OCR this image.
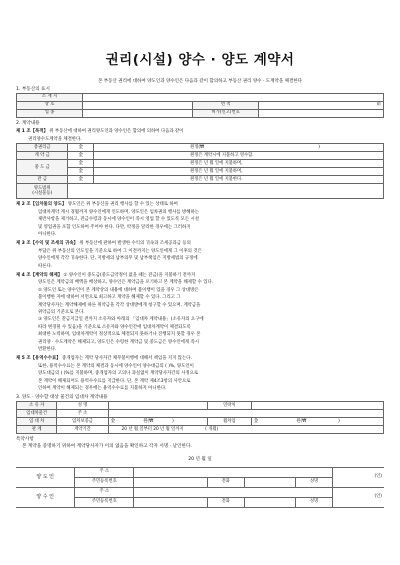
권리(시설) 양수 · 양도 계약서
본 부동산 권리에 대하여 양도인과 양수인은 다음과 같이 합의하고 부동산 권리 양수 · 도계약을 체결한다
1. 부동산의 표시
소 재 지			
상 호		면 적	㎡
업 종		허가(신고)번호	
2. 계약내용
제 1 조【목적】 위 부동산에 대하여 권리양도인과 양수인은 합의에 의하여 다음과 같이
권리양수도계약을 체결한다.
총권리금	金	원정(₩ )
계 약 금	金	원정은 계약시에 지불하고 영수함.
중 도 금	金	원정은 년 월 일에 지불하며,
	金	원정은 년 월 일에 지불하며,
잔 금	金	원정은 년 월 일에 지불한다.
양도범위
(시설물등)		
제 2 조【임차물의 양도】 양도인은 위 부동산을 권리 행사를 할 수 있는 상태로 하여
임대차계약 계시 경월까지 양수인에게 인도하며, 양도인은 임차권의 행사를 방해하는
제반사항을 제거하고, 잔금수령과 동시에 양수인이 즉시 영업 할 수 있도록 모든 시설
및 영업권을 포함 인도하여 주어야 한다. 다만, 약정을 달리한 경우에는 그러하지
아니한다.
제 3 조【수익 및 조세의 귀속】 위 부동산에 관하여 발생한 수익의 귀속과 조세공과금 등의
부담은 위 부동산의 인도일을 기준으로 하여 그 이전까지는 양도인에게 그 이후의 것은
양수인에게 각각 귀속한다. 단, 지방세의 납부의무 및 납부책임은 지방세법의 규정에
따른다.
제 4 조【계약의 해제】 ① 양수인이 중도금(중도금약정이 없을 때는 잔금)을 지불하기 전까지
양도인은 계약금의 배액을 배상하고, 양수인은 계약금을 포기하고 본 계약을 해제할 수 있다.
② 양도인 또는 양수인이 본 계약상의 내용에 대하여 불이행이 있을 경우 그 상대방은
불이행한 자에 대하여 서면으로 최고하고 계약을 해제할 수 있다. 그리고 그
계약당사자는 계약해제에 따른 위약금을 각각 상대방에게 청구할 수 있으며, 계약금을
위약금의 기준으로 본다.
③ 양도인은 잔금지급일 전까지 소유자와 아래의 「임대차 계약내용」(소유자의 요구에
따라 변경될 수 있음)을 기준으로 소유자와 양수인간에 임대차계약이 체결되도록
최대한 노력하며, 임대차계약이 정상적으로 체결되지 못하거나 진행되지 못할 경우 본
권리양 · 수도계약은 해제되고, 양도인은 수령한 계약금 및 중도금은 양수인에게 즉시
반환한다.
제 5 조【용역수수료】 중개업자는 계약 당사자간 채무불이행에 대해서 책임을 지지 않는다.
또한, 용역수수료는 본 계약의 체결과 동시에 양수인이 양수대금의 ( )%, 양도인이
양도대금의 ( )%를 지불하며, 중개업자의 고의나 과실없이 계약당사자간의 사정으로
본 계약이 해제되어도 용역수수료를 지급한다. 단, 본 계약 제4조3항의 사안으로
인하여 계약이 해제되는 경우에는 용역수수료를 지불하지 아니한다.
3. 양도 · 양수할 대상 물건의 임대차 계약내용
소 유 자	성 명		연락처	
임대차물건	주 소			
임 대 차	임차보증금	金 원(₩ )	월차임	金 원(₩ )
관 계	계약기간	20 년 월 일부터 20 년 월 일까지 ( 개월)		
특약사항
본 계약을 증명하기 위하여 계약당사자가 이의 없음을 확인하고 각자 서명 · 날인한다.
20 년 월 일
양 도 인	주 소					(인)
	주민등록번호		전화		성명	
양 수 인	주 소					(인)
	주민등록번호		전화		성명	
